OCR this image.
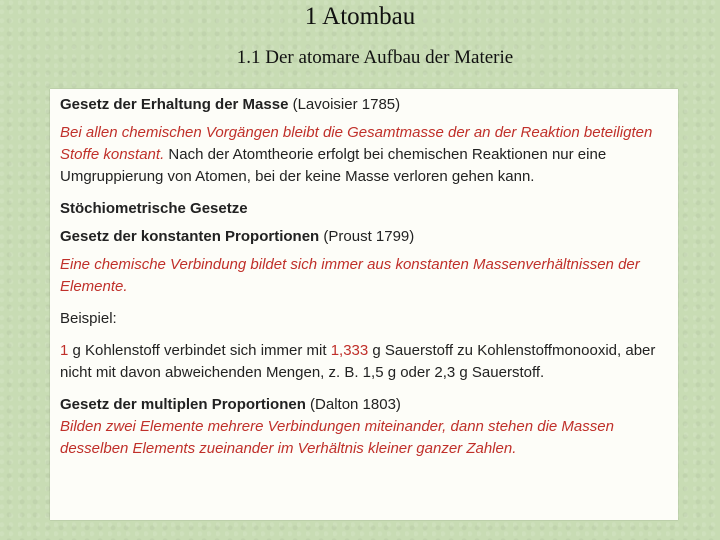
1 Atombau
1.1 Der atomare Aufbau der Materie

Gesetz der Erhaltung der Masse (Lavoisier 1785)

Bei allen chemischen Vorgängen bleibt die Gesamtmasse der an der Reaktion beteiligten Stoffe konstant. Nach der Atomtheorie erfolgt bei chemischen Reaktionen nur eine Umgruppierung von Atomen, bei der keine Masse verloren gehen kann.

Stöchiometrische Gesetze

Gesetz der konstanten Proportionen (Proust 1799)

Eine chemische Verbindung bildet sich immer aus konstanten Massenverhältnissen der Elemente.

Beispiel:

1 g Kohlenstoff verbindet sich immer mit 1,333 g Sauerstoff zu Kohlenstoffmonooxid, aber nicht mit davon abweichenden Mengen, z. B. 1,5 g oder 2,3 g Sauerstoff.

Gesetz der multiplen Proportionen (Dalton 1803)

Bilden zwei Elemente mehrere Verbindungen miteinander, dann stehen die Massen desselben Elements zueinander im Verhältnis kleiner ganzer Zahlen.
